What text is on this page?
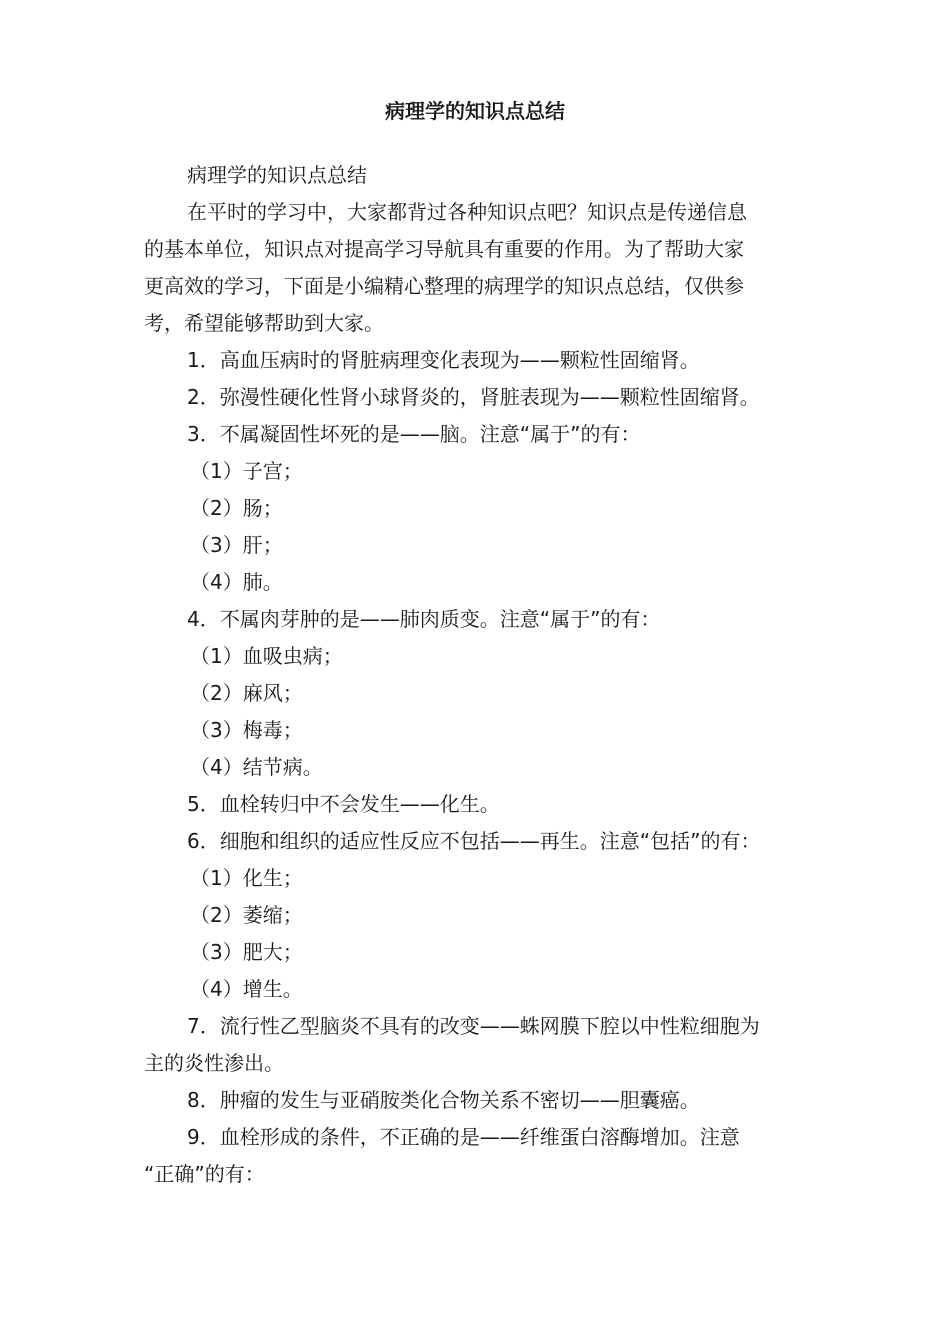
病理学的知识点总结

病理学的知识点总结

在平时的学习中，大家都背过各种知识点吧？知识点是传递信息

的基本单位，知识点对提高学习导航具有重要的作用。为了帮助大家

更高效的学习，下面是小编精心整理的病理学的知识点总结，仅供参

考，希望能够帮助到大家。

1．高血压病时的肾脏病理变化表现为——颗粒性固缩肾。

2．弥漫性硬化性肾小球肾炎的，肾脏表现为——颗粒性固缩肾。

3．不属凝固性坏死的是——脑。注意“属于”的有：

（1）子宫；

（2）肠；

（3）肝；

（4）肺。

4．不属肉芽肿的是——肺肉质变。注意“属于”的有：

（1）血吸虫病；

（2）麻风；

（3）梅毒；

（4）结节病。

5．血栓转归中不会发生——化生。

6．细胞和组织的适应性反应不包括——再生。注意“包括”的有：

（1）化生；

（2）萎缩；

（3）肥大；

（4）增生。

7．流行性乙型脑炎不具有的改变——蛛网膜下腔以中性粒细胞为

主的炎性渗出。

8．肿瘤的发生与亚硝胺类化合物关系不密切——胆囊癌。

9．血栓形成的条件，不正确的是——纤维蛋白溶酶增加。注意

“正确”的有：
